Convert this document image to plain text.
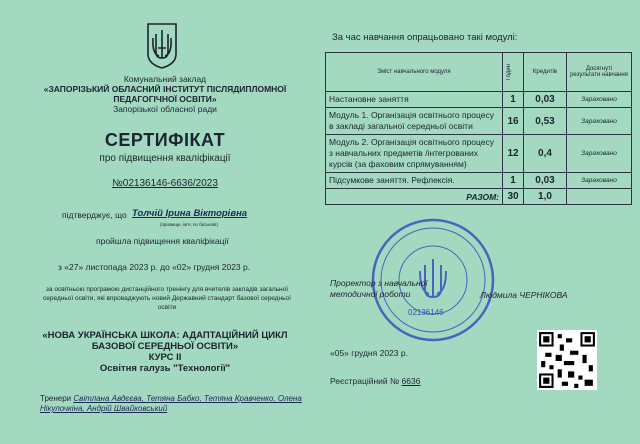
Комунальний заклад
«ЗАПОРІЗЬКИЙ ОБЛАСНИЙ ІНСТИТУТ ПІСЛЯДИПЛОМНОЇ
ПЕДАГОГІЧНОЇ ОСВІТИ»
Запорізької обласної ради
СЕРТИФІКАТ
про підвищення кваліфікації
№02136146-6636/2023
підтверджує, що Толчій Ірина Вікторівна
(прізвище, ім'я, по батькові)
пройшла підвищення кваліфікації
з «27» листопада 2023 р. до «02» грудня 2023 р.
за освітньою програмою дистанційного тренінгу для вчителів закладів загальної середньої освіти, які впроваджують новий Державний стандарт базової середньої освіти
«НОВА УКРАЇНСЬКА ШКОЛА: АДАПТАЦІЙНИЙ ЦИКЛ
БАЗОВОЇ СЕРЕДНЬОЇ ОСВІТИ»
КУРС ІІ
Освітня галузь "Технології"
Тренери Світлана Авдєєва, Тетяна Бабко, Тетяна Кравченко, Олена Нікулочкіна, Андрій Швайковський
За час навчання опрацьовано такі модулі:
Зміст навчального модуля	Годин	Кредитів	Досягнуті результати навчання
Настановне заняття	1	0,03	Зараховано
Модуль 1. Організація освітнього процесу в закладі загальної середньої освіти	16	0,53	Зараховано
Модуль 2. Організація освітнього процесу з навчальних предметів /інтегрованих курсів (за фаховим спрямуванням)	12	0,4	Зараховано
Підсумкове заняття. Рефлексія.	1	0,03	Зараховано
РАЗОМ:	30	1,0	
02136146
Проректор з навчальної
методичної роботи	Людмила ЧЕРНІКОВА
«05» грудня 2023 р.
Реєстраційний № 6636
